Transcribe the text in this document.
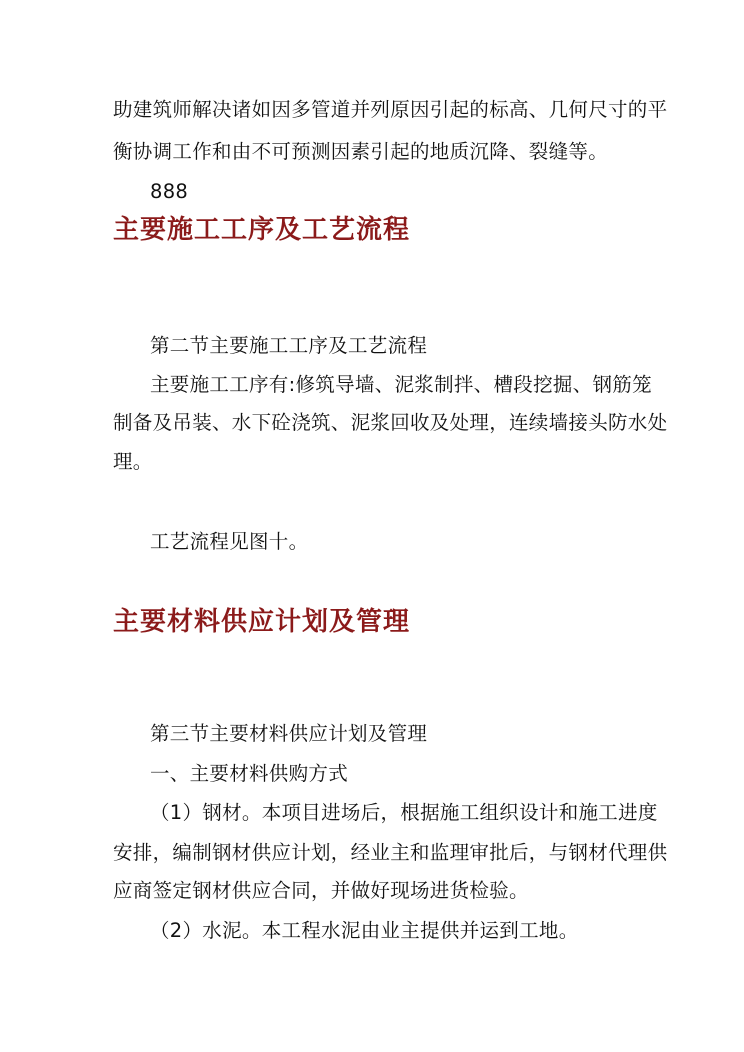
助建筑师解决诸如因多管道并列原因引起的标高、几何尺寸的平
衡协调工作和由不可预测因素引起的地质沉降、裂缝等。
888
主要施工工序及工艺流程
第二节主要施工工序及工艺流程
主要施工工序有:修筑导墙、泥浆制拌、槽段挖掘、钢筋笼
制备及吊装、水下砼浇筑、泥浆回收及处理，连续墙接头防水处
理。
工艺流程见图十。
主要材料供应计划及管理
第三节主要材料供应计划及管理
一、主要材料供购方式
（1）钢材。本项目进场后，根据施工组织设计和施工进度
安排，编制钢材供应计划，经业主和监理审批后，与钢材代理供
应商签定钢材供应合同，并做好现场进货检验。
（2）水泥。本工程水泥由业主提供并运到工地。
